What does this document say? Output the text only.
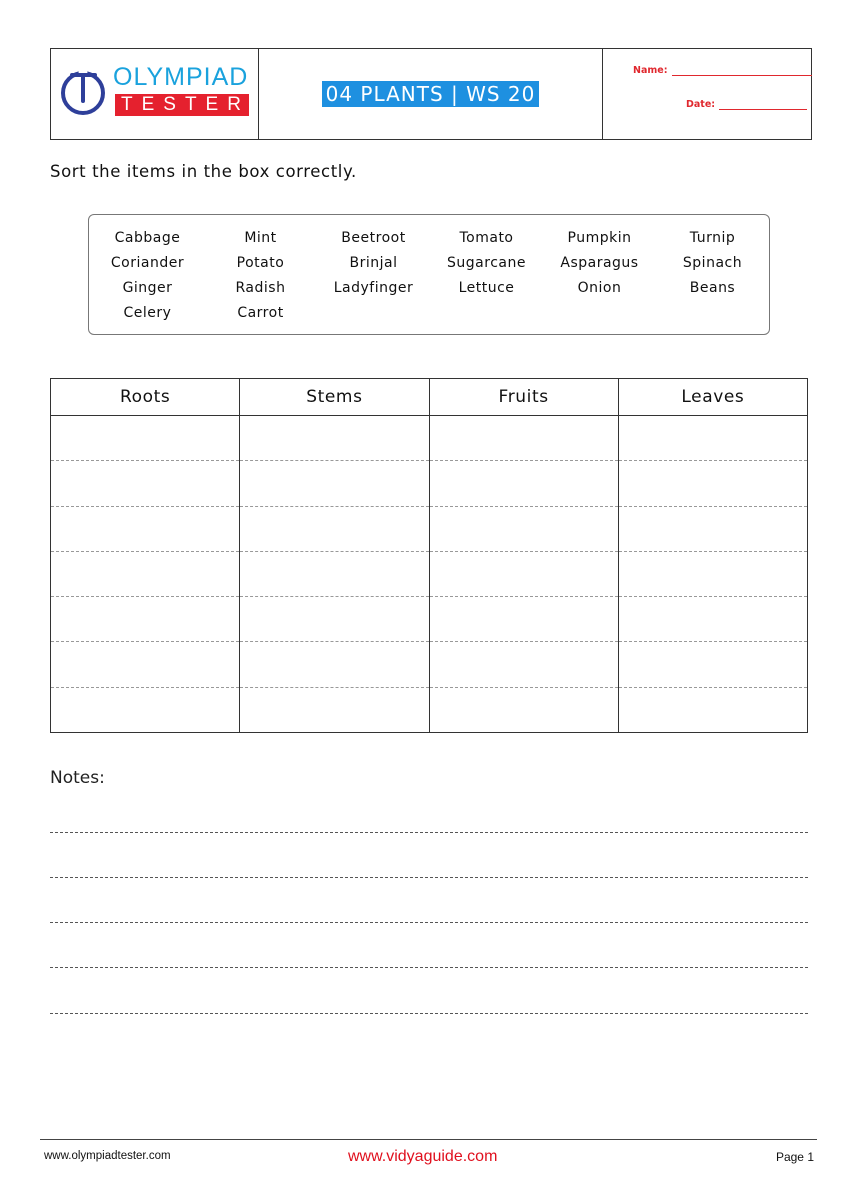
OLYMPIAD
TESTER	04 PLANTS | WS 20
Name:
Date:
Sort the items in the box correctly.
Cabbage	Mint	Beetroot	Tomato	Pumpkin	Turnip
Coriander	Potato	Brinjal	Sugarcane	Asparagus	Spinach
Ginger	Radish	Ladyfinger	Lettuce	Onion	Beans
Celery	Carrot
Roots	Stems	Fruits	Leaves

Notes:
www.olympiadtester.com	www.vidyaguide.com	Page 1
